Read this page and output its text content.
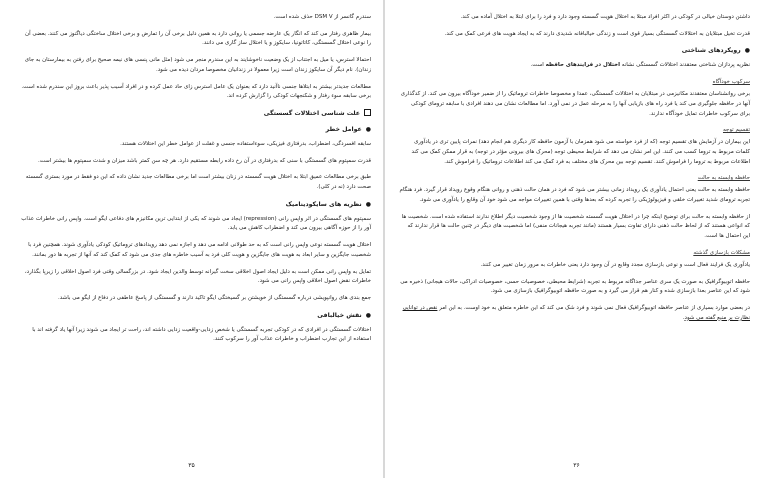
سندرم گانسر از DSM V حذف شده است.

بیمار ظاهری رفتار می کند که انگار یک عارضه جسمی یا روانی دارد به همین دلیل برخی آن را تمارض و برخی اختلال ساختگی دیاگنوز می کنند. بعضی آن را نوعی اختلال گسستگی، کاتاتونیا، سایکوز و یا اختلال ساز گاری می دانند.

احتمالا استرس، یا میل به اجتناب از یک وضعیت ناخوشایند به این سندرم منجر می شود (مثل مانی پنسی های نیمه صحیح برای رفتن به بیمارستان به جای زندان). نام دیگر آن سایکوز زندان است زیرا معمولا در زندانیان مخصوصا مردان دیده می شود.

مطالعات جدیدتر بیشتر به ابتلاها جنسی ناآنید دارد که بعنوان یک عامل استرس زای حاد عمل کرده و در افراد آسیب پذیر باعث بروز این سندرم شده است. برخی سابقه سوء رفتار و شکنجهات کودکی را گزارش کرده اند.

علت شناسی اختلالات گسستگی
●عوامل خطر

سابقه افسردگی، اضطراب، بدرفتاری فیزیکی، سوءاستفاده جنسی و غفلت از عوامل خطر این اختلالات هستند.

قدرت سمپتوم های گسستگی با سنی که بدرفتاری در آن رخ داده رابطه مستقیم دارد. هر چه سن کمتر باشد میزان و شدت سمپتوم ها بیشتر است.

طبق برخی مطالعات عمیق ابتلا به اختلال هویت گسسته در زنان بیشتر است اما برخی مطالعات جدید نشان داده که این دو فقط در مورد بستری گسسته صحت دارد (نه در کلی).

●نظریه های سایکودینامیک

سمپتوم های گسستگی در اثر واپس رانی (repression) ایجاد می شوند که یکی از ابتدایی ترین مکانیزم های دفاعی ایگو است. واپس رانی خاطرات عذاب آور را از حوزه آگاهی بیرون می کند و اضطراب کاهش می یابد.

اختلال هویت گسسته نوعی واپس رانی است که به حد طولانی ادامه می دهد و اجازه نمی دهد رویدادهای تروماتیک کودکی یادآوری شوند. همچنین فرد با شخصیت جایگزین و سایر ابعاد به هویت های جایگزین و هویت کلی فرد به آسیب خاطره های جدی می شود که کمک کند که آنها از تجربه ها دور بمانند.

تمایل به واپس رانی ممکن است به دلیل ایجاد اصول اخلاقی سخت گیرانه توسط والدین ایجاد شود. در بزرگسالی وقتی فرد اصول اخلاقی را زیرپا بگذارد، خاطرات نقض اصول اخلاقی واپس رانی می شود.

جمع بندی های روانپویشی درباره گسستگی از خویشتن بر گسیختگی ایگو تاکید دارند و گسستگی از پاسخ عاطفی در دفاع از ایگو می باشد.

●نقش خیالبافی

اختلالات گسستگی در افرادی که در کودکی تجربه گسستگی یا شخص زدایی-واقعیت زدایی داشته اند، راحت تر ایجاد می شوند زیرا آنها یاد گرفته اند با استفاده از این تجارب اضطراب و خاطرات عذاب آور را سرکوب کنند.

۳۵

داشتن دوستان خیالی در کودکی در اکثر افراد مبتلا به اختلال هویت گسسته وجود دارد و فرد را برای ابتلا به اختلال آماده می کند.

قدرت تخیل مبتلایان به اختلالات گسستگی بسیار قوی است و زندگی خیالبافانه شدیدی دارند که به ایجاد هویت های فرعی کمک می کند.

●رویکردهای شناختی

نظریه پردازان شناختی معتقدند اختلالات گسستگی نشانه اختلال در فرایندهای حافظه است.

سرکوب خودآگاه

برخی روانشناسان معتقدند مکانیزمی در مبتلایان به اختلالات گسستگی، عمدا و مخصوصا خاطرات تروماتیک را از ضمیر خودآگاه بیرون می کند. از کدگذاری آنها در حافظه جلوگیری می کند یا فرد راه های بازیابی آنها را به مرحله عمل در نمی آورد. اما مطالعات نشان می دهند افرادی با سابقه ترومای کودکی برای سرکوب خاطرات تمایل خودآگاه ندارند.

تقسیم توجه

این بیماران در آزمایش های تقسیم توجه (که از فرد خواسته می شود همزمان با آزمون حافظه کار دیگری هم انجام دهد) نمرات پایین تری در یادآوری کلمات مربوط به تروما کسب می کنند. این امر نشان می دهد که شرایط محیطی توجه (محرک های بیرونی مؤثر در توجه) به قرار ممکن کمک می کند اطلاعات مربوط به تروما را فراموش کنند. تقسیم توجه بین محرک های مختلف به فرد کمک می کند اطلاعات تروماتیک را فراموش کند.

حافظه وابسته به حالت

حافظه وابسته به حالت یعنی احتمال یادآوری یک رویداد زمانی بیشتر می شود که فرد در همان حالت ذهنی و روانی هنگام وقوع رویداد قرار گیرد. فرد هنگام تجربه ترومای شدید تغییرات خلقی و فیزیولوژیکی را تجربه کرده که بعدها وقتی با همین تغییرات مواجه می شود خود آن وقایع را یادآوری می شود.

از حافظه وابسته به حالت برای توضیح اینکه چرا در اختلال هویت گسسته شخصیت ها از وجود شخصیت دیگر اطلاع ندارند استفاده شده است. شخصیت ها که انواعی هستند که از لحاظ حالت ذهنی دارای تفاوت بسیار هستند (مانند تجربه هیجانات منفی) اما شخصیت های دیگر در چنین حالت ها قرار ندارند که این احتمال ها است.

مشکلات بازسازی گذشته

یادآوری یک فرایند فعال است و نوعی بازسازی مجدد وقایع در آن وجود دارد یعنی خاطرات به مرور زمان تغییر می کنند.

حافظه اتوبیوگرافیک به صورت یک سری عناصر جداگانه مربوط به تجربه (شرایط محیطی، خصوصیات حسی، خصوصیات ادراکی، حالات هیجانی) ذخیره می شود که این عناصر بعدا بازسازی شده و کنار هم قرار می گیرد و به صورت حافظه اتوبیوگرافیک بازسازی می شود.

در بعضی موارد بسیاری از عناصر حافظه اتوبیوگرافیک فعال نمی شوند و فرد شک می کند که این خاطره متعلق به خود اوست. به این امر نقص در توانایی نظارت بر منبع گفته می شود.

۳۶
